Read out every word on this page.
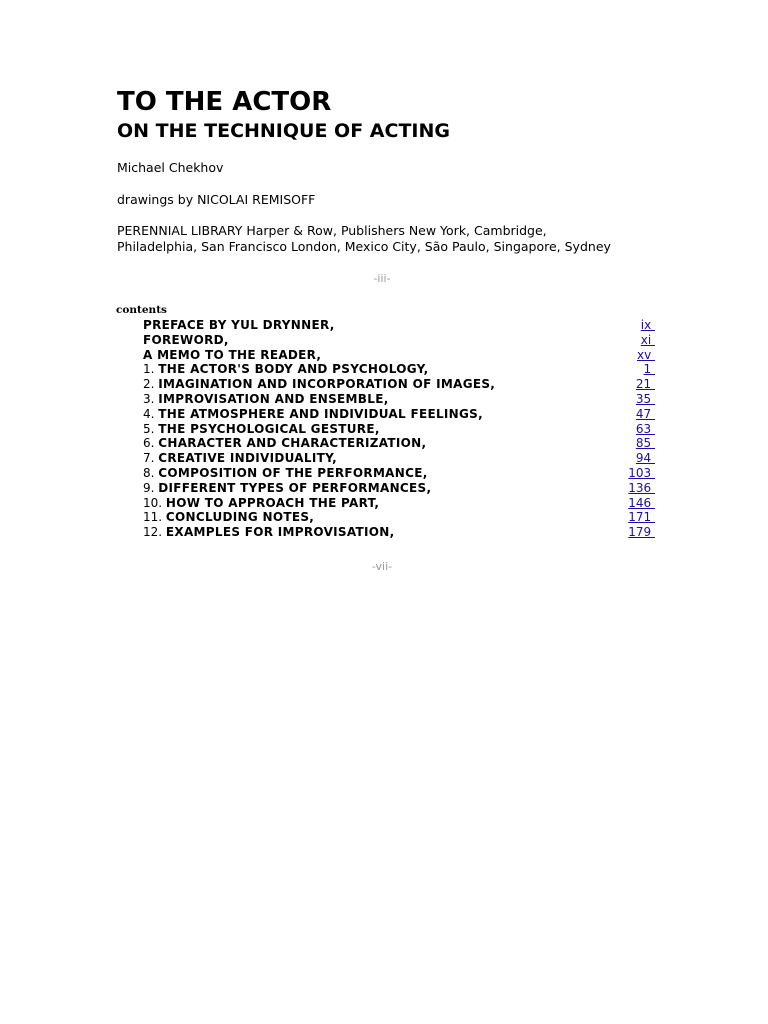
TO THE ACTOR
ON THE TECHNIQUE OF ACTING

Michael Chekhov

drawings by NICOLAI REMISOFF

PERENNIAL LIBRARY Harper & Row, Publishers New York, Cambridge,
Philadelphia, San Francisco London, Mexico City, São Paulo, Singapore, Sydney

-iii-
contents
PREFACE BY YUL DRYNNER,	ix
FOREWORD,	xi
A MEMO TO THE READER,	xv
1. THE ACTOR'S BODY AND PSYCHOLOGY,	1
2. IMAGINATION AND INCORPORATION OF IMAGES,	21
3. IMPROVISATION AND ENSEMBLE,	35
4. THE ATMOSPHERE AND INDIVIDUAL FEELINGS,	47
5. THE PSYCHOLOGICAL GESTURE,	63
6. CHARACTER AND CHARACTERIZATION,	85
7. CREATIVE INDIVIDUALITY,	94
8. COMPOSITION OF THE PERFORMANCE,	103
9. DIFFERENT TYPES OF PERFORMANCES,	136
10. HOW TO APPROACH THE PART,	146
11. CONCLUDING NOTES,	171
12. EXAMPLES FOR IMPROVISATION,	179
-vii-
